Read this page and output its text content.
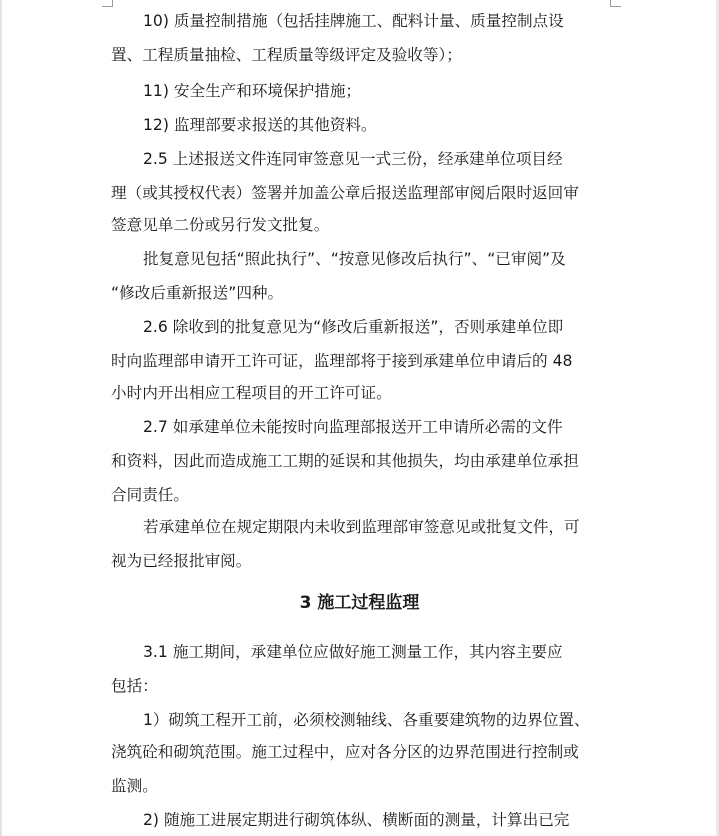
10) 质量控制措施（包括挂牌施工、配料计量、质量控制点设
置、工程质量抽检、工程质量等级评定及验收等）；
11) 安全生产和环境保护措施；
12) 监理部要求报送的其他资料。
2.5 上述报送文件连同审签意见一式三份，经承建单位项目经
理（或其授权代表）签署并加盖公章后报送监理部审阅后限时返回审
签意见单二份或另行发文批复。
批复意见包括“照此执行”、“按意见修改后执行”、“已审阅”及
“修改后重新报送”四种。
2.6 除收到的批复意见为“修改后重新报送”，否则承建单位即
时向监理部申请开工许可证，监理部将于接到承建单位申请后的 48
小时内开出相应工程项目的开工许可证。
2.7 如承建单位未能按时向监理部报送开工申请所必需的文件
和资料，因此而造成施工工期的延误和其他损失，均由承建单位承担
合同责任。
若承建单位在规定期限内未收到监理部审签意见或批复文件，可
视为已经报批审阅。
3 施工过程监理
3.1 施工期间，承建单位应做好施工测量工作，其内容主要应
包括：
1）砌筑工程开工前，必须校测轴线、各重要建筑物的边界位置、
浇筑砼和砌筑范围。施工过程中，应对各分区的边界范围进行控制或
监测。
2) 随施工进展定期进行砌筑体纵、横断面的测量，计算出已完
